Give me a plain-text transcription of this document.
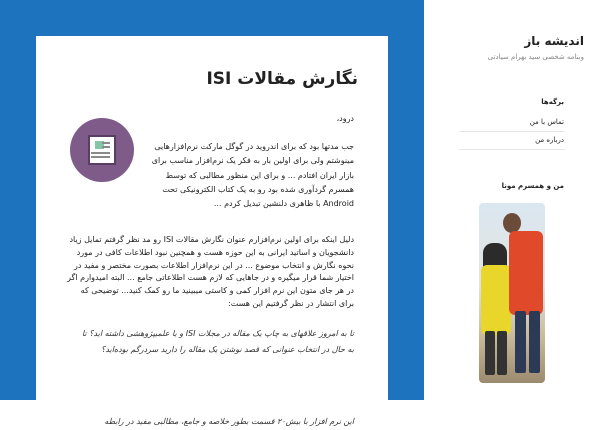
نگارش مقالات ISI

درود،

جب مدتها بود که برای اندروید در گوگل مارکت نرم‌افزارهایی مینوشتم ولی برای اولین بار به فکر یک نرم‌افزار مناسب برای بازار ایران افتادم ... و برای این منظور مطالبی که توسط همسرم گردآوری شده بود رو به یک کتاب الکترونیکی تحت Android با ظاهری دلنشین تبدیل کردم ...

دلیل اینکه برای اولین نرم‌افزارم عنوان نگارش مقالات ISI رو مد نظر گرفتم تمایل زیاد دانشجویان و اساتید ایرانی به این حوزه هست و همچنین نبود اطلاعات کافی در مورد نحوه نگارش و انتخاب موضوع ... در این نرم‌افزار اطلاعات بصورت مختصر و مفید در اختیار شما قرار میگیره و در جاهایی که لازم هست اطلاعاتی جامع ... البته امیدوارم اگر در هر جای متون این نرم افزار کمی و کاستی میبینید ما رو کمک کنید... توضیحی که برای انتشار در نظر گرفتیم این هست:

تا به امروز علاقهای به چاپ یک مقاله در مجلات ISI و یا علمیپژوهشی داشته اید؟ تا به حال در انتخاب عنوانی که قصد نوشتن یک مقاله را دارید سردرگم بوده‌اید؟

این نرم افزار با بیش۲۰ قسمت بطور خلاصه و جامع، مطالبی مفید در رابطه

اندیشه باز
وبنامه شخصی سید بهرام سیادتی
برگه‌ها
تماس با من
درباره من
من و همسرم مونا
